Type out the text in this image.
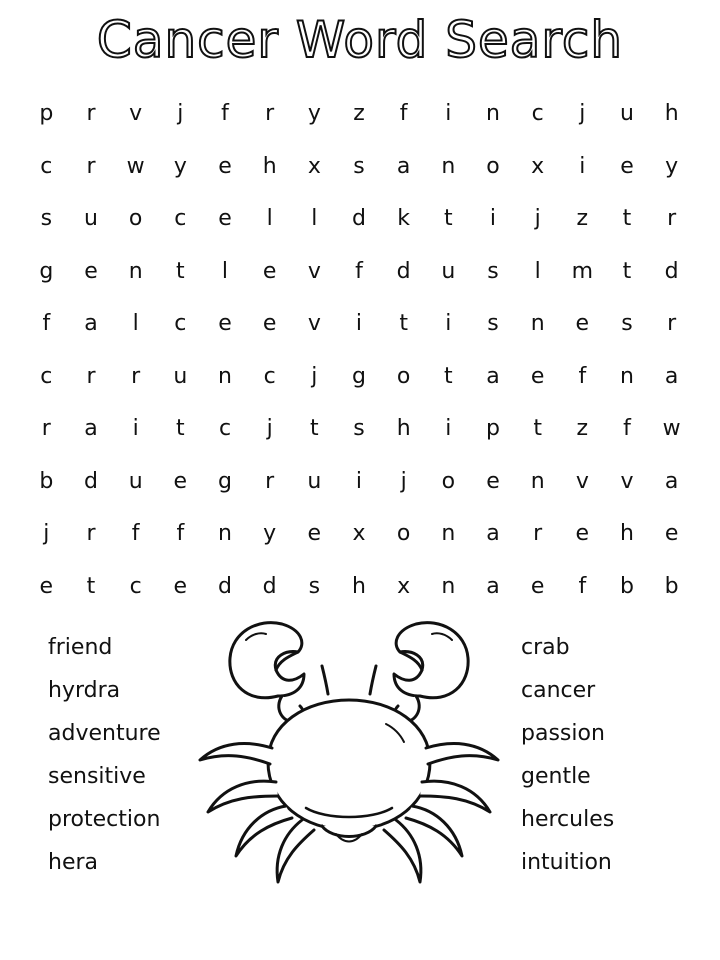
Cancer Word Search
p	r	v	j	f	r	y	z	f	i	n	c	j	u	h
c	r	w	y	e	h	x	s	a	n	o	x	i	e	y
s	u	o	c	e	l	l	d	k	t	i	j	z	t	r
g	e	n	t	l	e	v	f	d	u	s	l	m	t	d
f	a	l	c	e	e	v	i	t	i	s	n	e	s	r
c	r	r	u	n	c	j	g	o	t	a	e	f	n	a
r	a	i	t	c	j	t	s	h	i	p	t	z	f	w
b	d	u	e	g	r	u	i	j	o	e	n	v	v	a
j	r	f	f	n	y	e	x	o	n	a	r	e	h	e
e	t	c	e	d	d	s	h	x	n	a	e	f	b	b
friend
hyrdra
adventure
sensitive
protection
hera
crab
cancer
passion
gentle
hercules
intuition
